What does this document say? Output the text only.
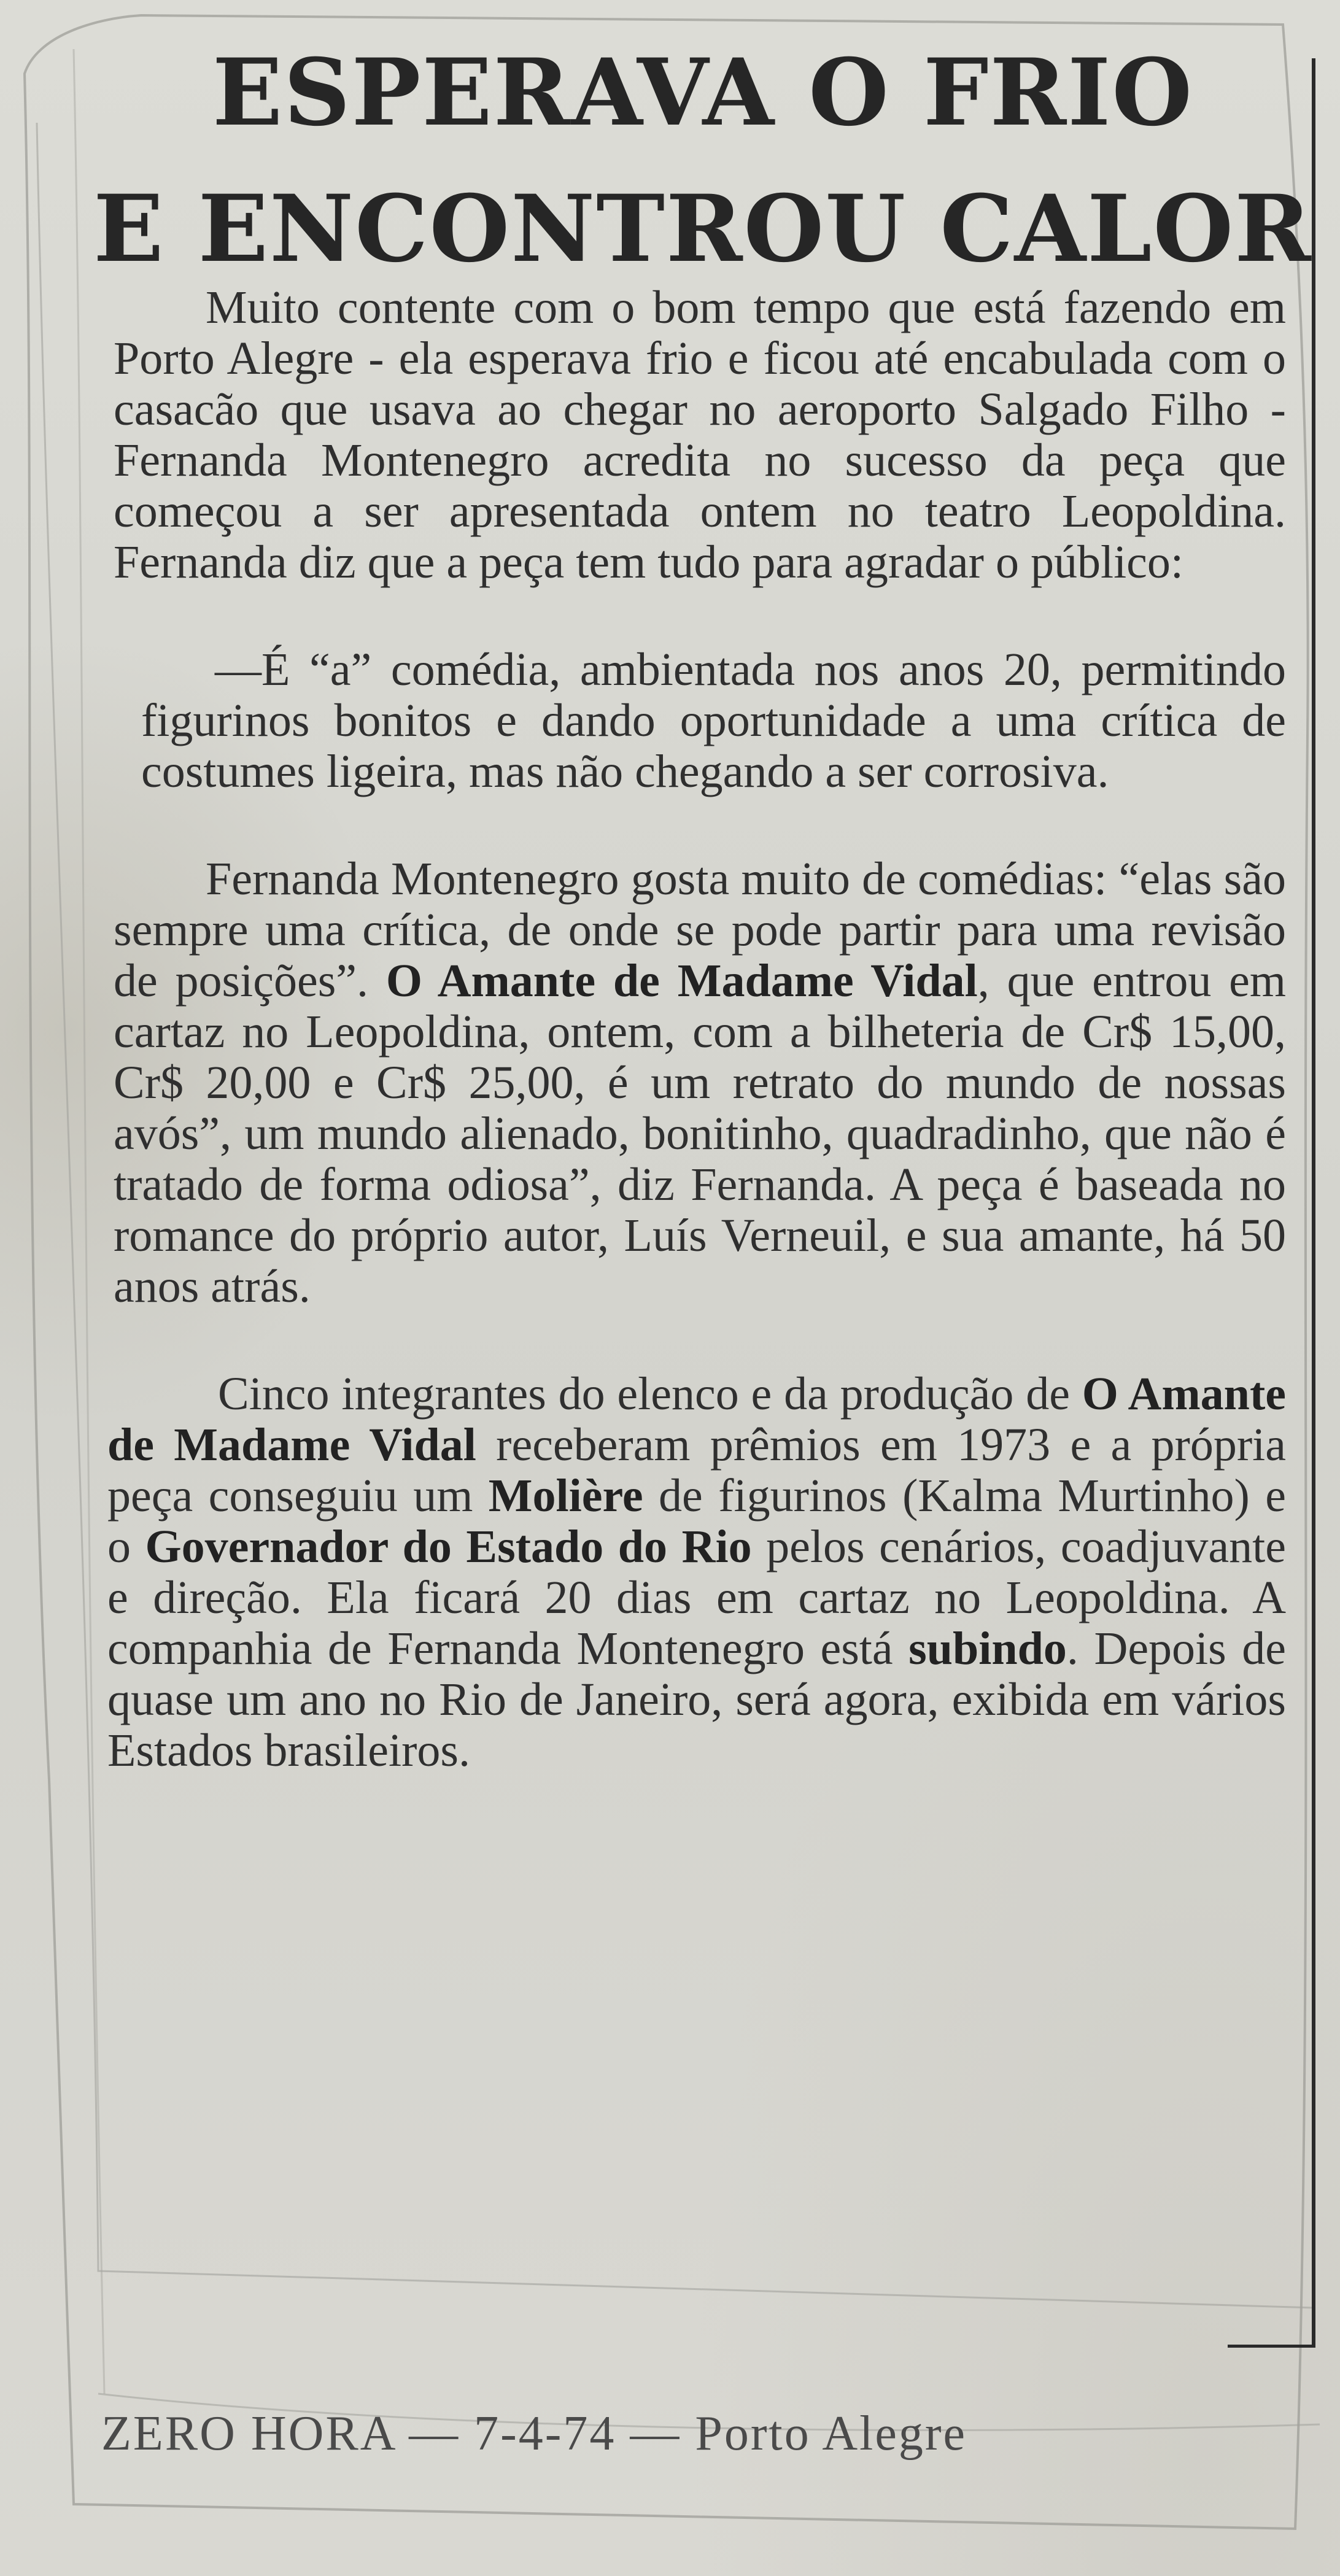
ESPERAVA O FRIO
E ENCONTROU CALOR

Muito contente com o bom tempo que está fazendo em Porto Alegre - ela esperava frio e ficou até encabulada com o casacão que usava ao chegar no aeroporto Salgado Filho - Fernanda Montenegro acredita no sucesso da peça que começou a ser apresentada ontem no teatro Leopoldina. Fernanda diz que a peça tem tudo para agradar o público:

—É “a” comédia, ambientada nos anos 20, permitindo figurinos bonitos e dando oportunidade a uma crítica de costumes ligeira, mas não chegando a ser corrosiva.

Fernanda Montenegro gosta muito de comédias: “elas são sempre uma crítica, de onde se pode partir para uma revisão de posições”. O Amante de Madame Vidal, que entrou em cartaz no Leopoldina, ontem, com a bilheteria de Cr$ 15,00, Cr$ 20,00 e Cr$ 25,00, é um retrato do mundo de nossas avós”, um mundo alienado, bonitinho, quadradinho, que não é tratado de forma odiosa”, diz Fernanda. A peça é baseada no romance do próprio autor, Luís Verneuil, e sua amante, há 50 anos atrás.

Cinco integrantes do elenco e da produção de O Amante de Madame Vidal receberam prêmios em 1973 e a própria peça conseguiu um Molière de figurinos (Kalma Murtinho) e o Governador do Estado do Rio pelos cenários, coadjuvante e direção. Ela ficará 20 dias em cartaz no Leopoldina. A companhia de Fernanda Montenegro está subindo. Depois de quase um ano no Rio de Janeiro, será agora, exibida em vários Estados brasileiros.

ZERO HORA — 7-4-74 — Porto Alegre
